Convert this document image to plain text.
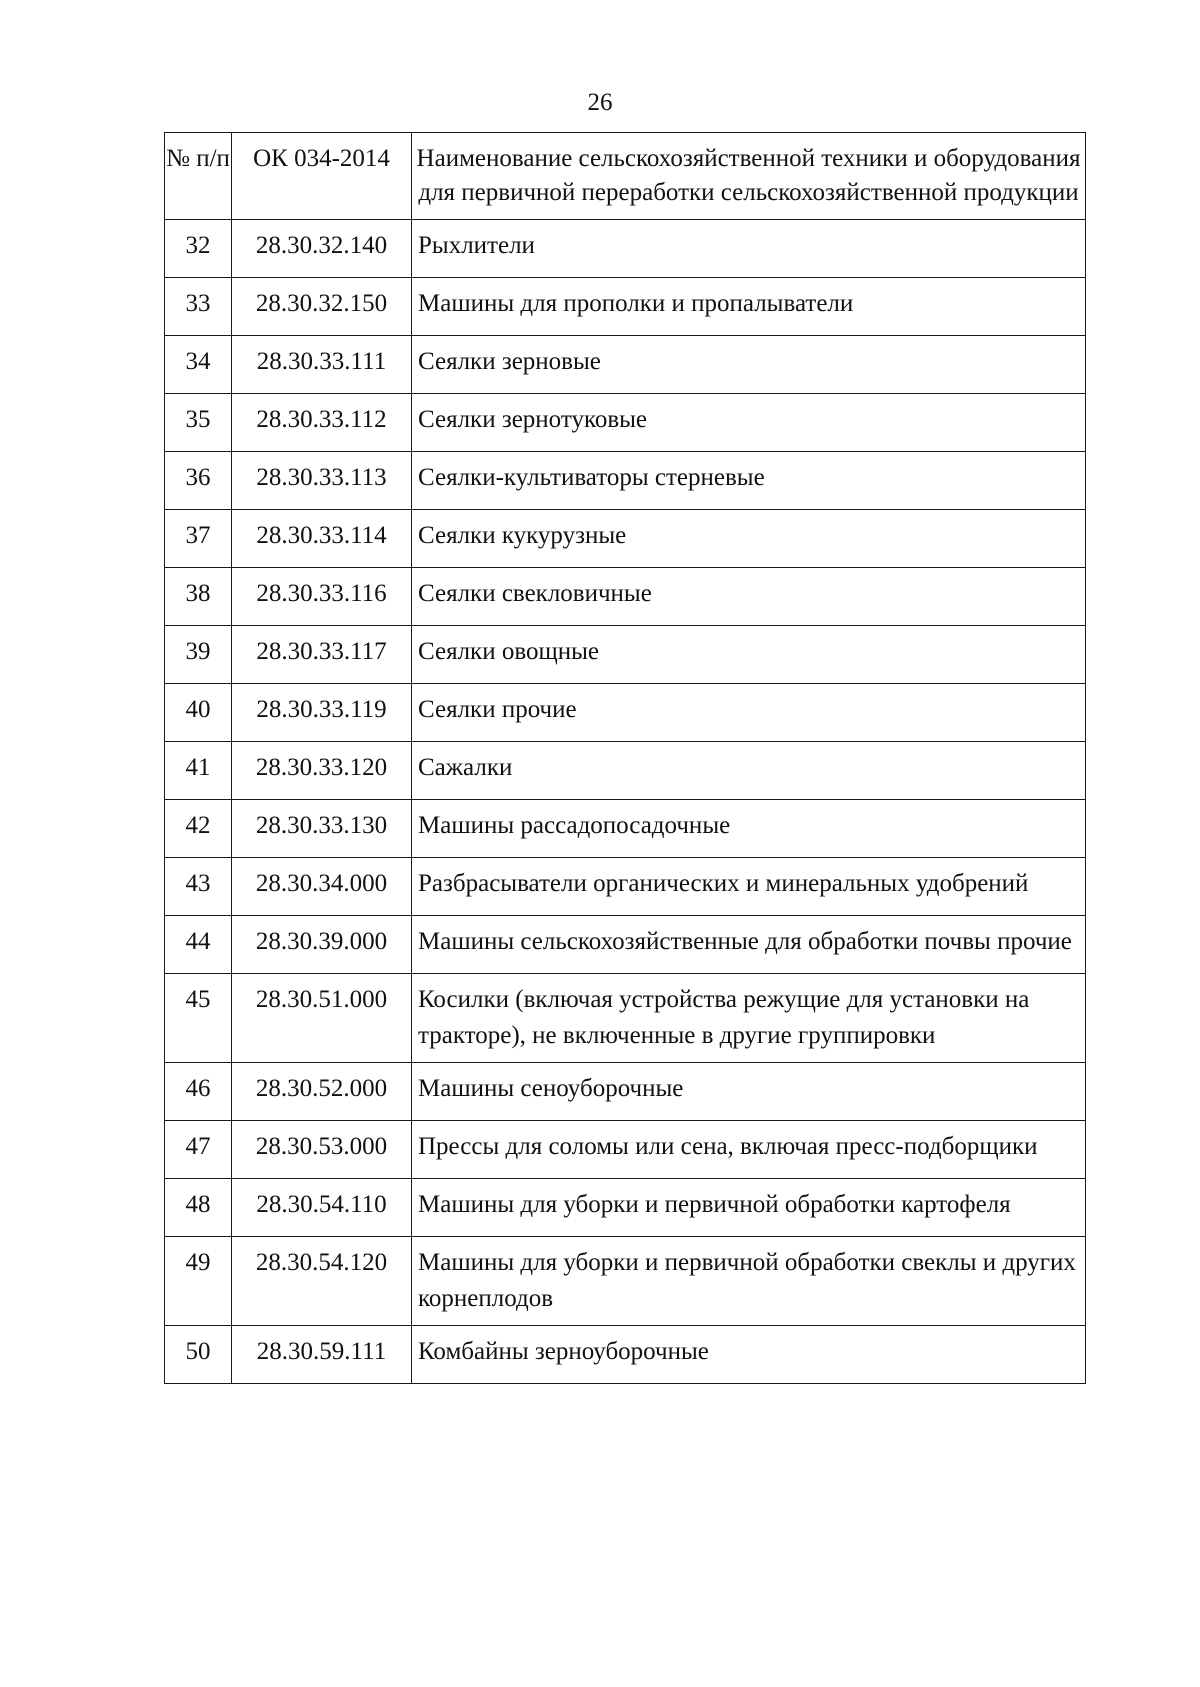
26
№ п/п	ОК 034-2014	Наименование сельскохозяйственной техники и оборудования для первичной переработки сельскохозяйственной продукции
32	28.30.32.140	Рыхлители
33	28.30.32.150	Машины для прополки и пропалыватели
34	28.30.33.111	Сеялки зерновые
35	28.30.33.112	Сеялки зернотуковые
36	28.30.33.113	Сеялки-культиваторы стерневые
37	28.30.33.114	Сеялки кукурузные
38	28.30.33.116	Сеялки свекловичные
39	28.30.33.117	Сеялки овощные
40	28.30.33.119	Сеялки прочие
41	28.30.33.120	Сажалки
42	28.30.33.130	Машины рассадопосадочные
43	28.30.34.000	Разбрасыватели органических и минеральных удобрений
44	28.30.39.000	Машины сельскохозяйственные для обработки почвы прочие
45	28.30.51.000	Косилки (включая устройства режущие для установки на тракторе), не включенные в другие группировки
46	28.30.52.000	Машины сеноуборочные
47	28.30.53.000	Прессы для соломы или сена, включая пресс-подборщики
48	28.30.54.110	Машины для уборки и первичной обработки картофеля
49	28.30.54.120	Машины для уборки и первичной обработки свеклы и других корнеплодов
50	28.30.59.111	Комбайны зерноуборочные
